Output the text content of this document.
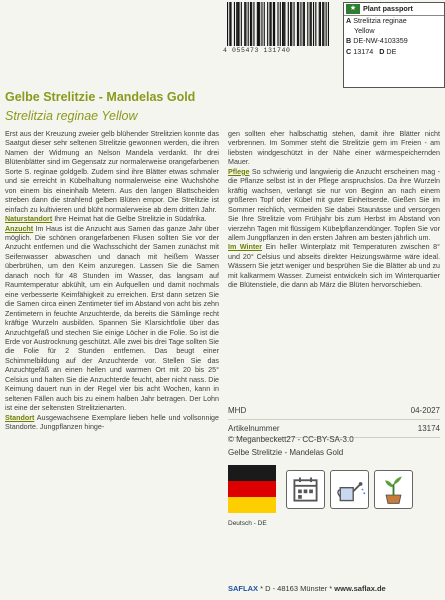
4 055473 131740
★ Plant passport
A Strelitzia reginae
Yellow
B DE-NW-4103359
C 13174 D DE
Gelbe Strelitzie - Mandelas Gold
Strelitzia reginae Yellow

Erst aus der Kreuzung zweier gelb blühender Strelitzien konnte das Saatgut dieser sehr seltenen Strelitzie gewonnen werden, die ihren Namen der Widmung an Nelson Mandela verdankt. Ihr drei Blütenblätter sind im Gegensatz zur normalerweise orangefarbenen Sorte S. reginae goldgelb. Zudem sind ihre Blätter etwas schmaler und sie erreicht in Kübelhaltung normalerweise eine Wuchshöhe von einem bis eineinhalb Metern. Aus den langen Blattscheiden streben dann die strahlend gelben Blüten empor. Die Strelitzie ist einfach zu kultivieren und blüht normalerweise ab dem dritten Jahr.

Naturstandort Ihre Heimat hat die Gelbe Strelitzie in Südafrika.

Anzucht Im Haus ist die Anzucht aus Samen das ganze Jahr über möglich. Die schönen orangefarbenen Flusen sollten Sie vor der Anzucht entfernen und die Wachsschicht der Samen zunächst mit Seifenwasser abwaschen und danach mit heißem Wasser überbrühen, um den Keim anzuregen. Lassen Sie die Samen danach noch für 48 Stunden im Wasser, das langsam auf Raumtemperatur abkühlt, um ein Aufquellen und damit nochmals eine verbesserte Keimfähigkeit zu erreichen. Erst dann setzen Sie die Samen circa einen Zentimeter tief im Abstand von acht bis zehn Zentimetern in feuchte Anzuchterde, da bereits die Sämlinge recht kräftige Wurzeln ausbilden. Spannen Sie Klarsichtfolie über das Anzuchtgefäß und stechen Sie einige Löcher in die Folie. So ist die Erde vor Austrocknung geschützt. Alle zwei bis drei Tage sollten Sie die Folie für 2 Stunden entfernen. Das beugt einer Schimmelbildung auf der Anzuchterde vor. Stellen Sie das Anzuchtgefäß an einen hellen und warmen Ort mit 20 bis 25° Celsius und halten Sie die Anzuchterde feucht, aber nicht nass. Die Keimung dauert nun in der Regel vier bis acht Wochen, kann in seltenen Fällen auch bis zu einem halben Jahr betragen. Der Lohn ist eine der seltensten Strelitzienarten.

Standort Ausgewachsene Exemplare lieben helle und vollsonnige Standorte. Jungpflanzen hinge-

gen sollten eher halbschattig stehen, damit ihre Blätter nicht verbrennen. Im Sommer steht die Strelitzie gern im Freien - am liebsten windgeschützt in der Nähe einer wärmespeichernden Mauer.

Pflege So schwierig und langwierig die Anzucht erscheinen mag - die Pflanze selbst ist in der Pflege anspruchslos. Da ihre Wurzeln kräftig wachsen, verlangt sie nur von Beginn an nach einem größeren Topf oder Kübel mit guter Einheitserde. Gießen Sie im Sommer reichlich, vermeiden Sie dabei Staunässe und versorgen Sie Ihre Strelitzie vom Frühjahr bis zum Herbst im Abstand von vierzehn Tagen mit flüssigem Kübelpflanzendünger. Topfen Sie vor allem Jungpflanzen in den ersten Jahren am besten jährlich um.

Im Winter Ein heller Winterplatz mit Temperaturen zwischen 8° und 20° Celsius und abseits direkter Heizungswärme wäre ideal. Wässern Sie jetzt weniger und besprühen Sie die Blätter ab und zu mit kalkarmem Wasser. Zumeist entwickeln sich im Winterquartier die Blütenstiele, die dann ab März die Blüten hervorschieben.

MHD	04-2027
Artikelnummer	13174
© Meganbeckett27 - CC-BY-SA-3.0
Gelbe Strelitzie - Mandelas Gold
Deutsch - DE
SAFLAX * D - 48163 Münster * www.saflax.de
